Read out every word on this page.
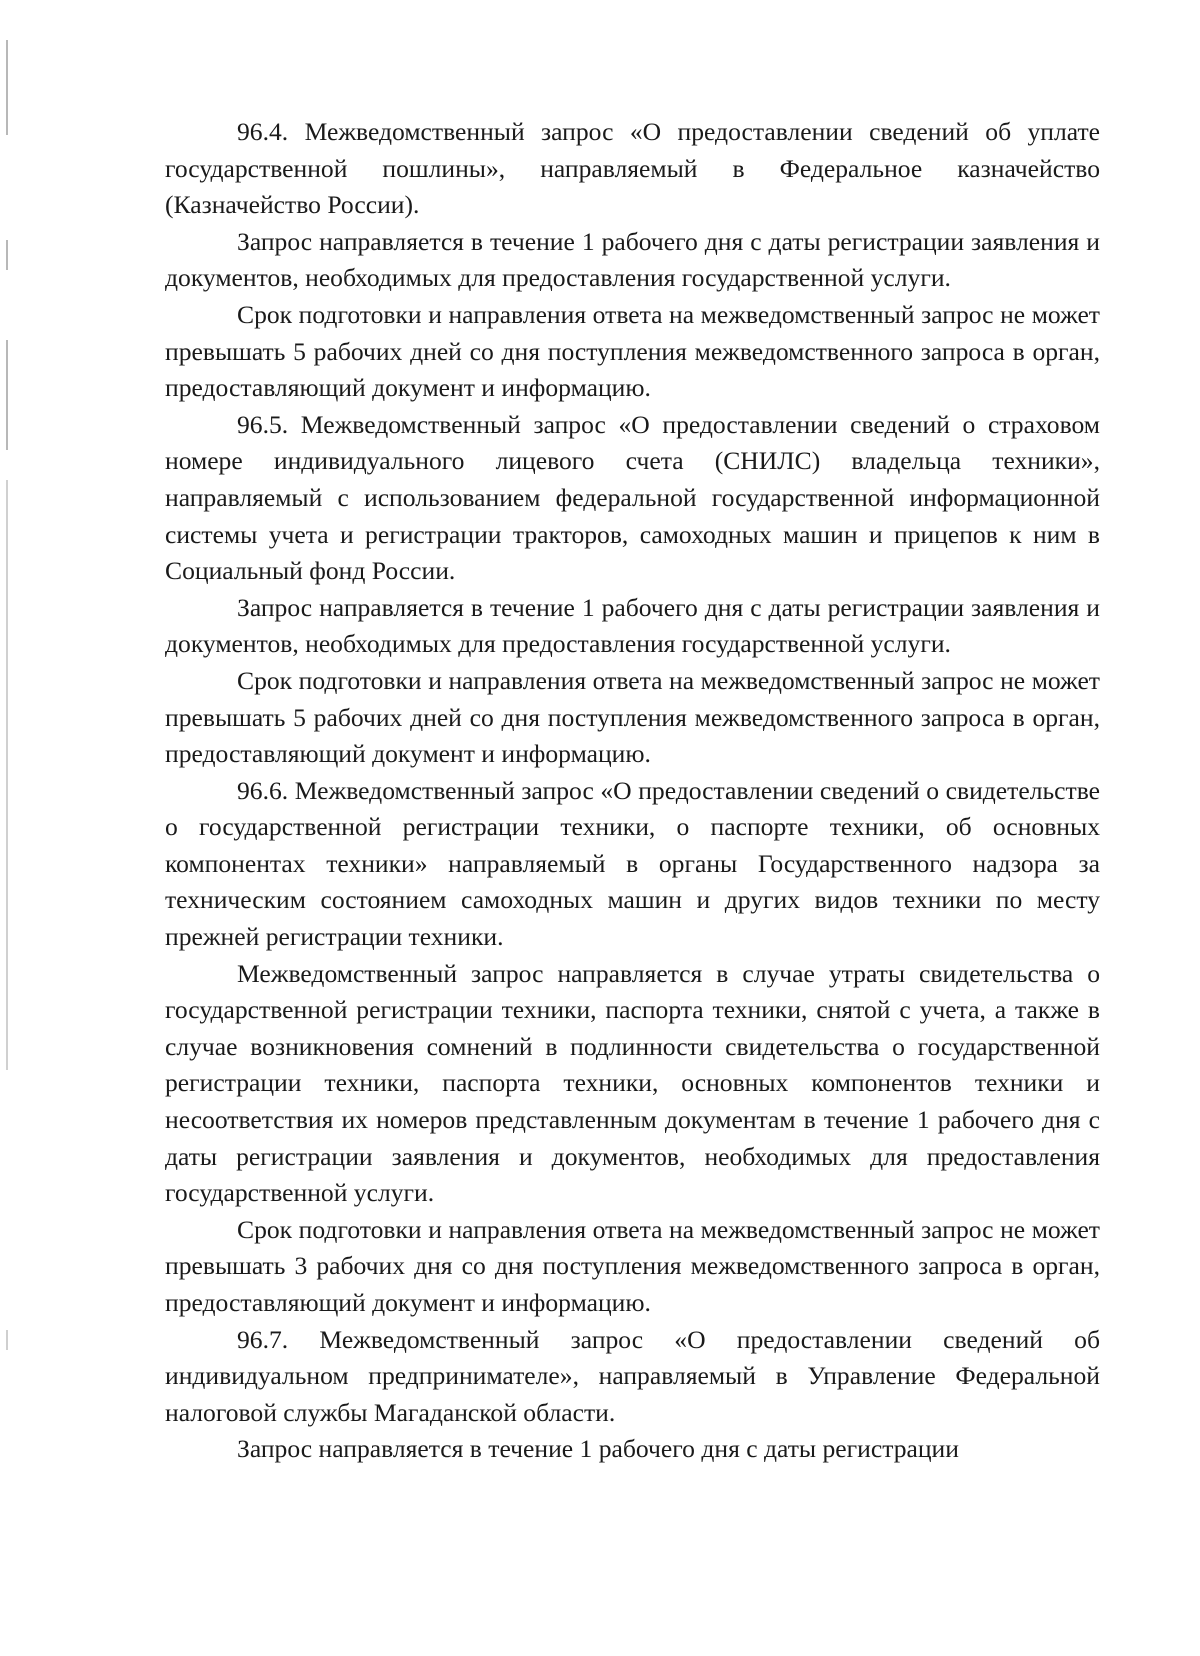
96.4. Межведомственный запрос «О предоставлении сведений об уплате государственной пошлины», направляемый в Федеральное казначейство (Казначейство России).

Запрос направляется в течение 1 рабочего дня с даты регистрации заявления и документов, необходимых для предоставления государственной услуги.

Срок подготовки и направления ответа на межведомственный запрос не может превышать 5 рабочих дней со дня поступления межведомственного запроса в орган, предоставляющий документ и информацию.

96.5. Межведомственный запрос «О предоставлении сведений о страховом номере индивидуального лицевого счета (СНИЛС) владельца техники», направляемый с использованием федеральной государственной информационной системы учета и регистрации тракторов, самоходных машин и прицепов к ним в Социальный фонд России.

Запрос направляется в течение 1 рабочего дня с даты регистрации заявления и документов, необходимых для предоставления государственной услуги.

Срок подготовки и направления ответа на межведомственный запрос не может превышать 5 рабочих дней со дня поступления межведомственного запроса в орган, предоставляющий документ и информацию.

96.6. Межведомственный запрос «О предоставлении сведений о свидетельстве о государственной регистрации техники, о паспорте техники, об основных компонентах техники» направляемый в органы Государственного надзора за техническим состоянием самоходных машин и других видов техники по месту прежней регистрации техники.

Межведомственный запрос направляется в случае утраты свидетельства о государственной регистрации техники, паспорта техники, снятой с учета, а также в случае возникновения сомнений в подлинности свидетельства о государственной регистрации техники, паспорта техники, основных компонентов техники и несоответствия их номеров представленным документам в течение 1 рабочего дня с даты регистрации заявления и документов, необходимых для предоставления государственной услуги.

Срок подготовки и направления ответа на межведомственный запрос не может превышать 3 рабочих дня со дня поступления межведомственного запроса в орган, предоставляющий документ и информацию.

96.7. Межведомственный запрос «О предоставлении сведений об индивидуальном предпринимателе», направляемый в Управление Федеральной налоговой службы Магаданской области.

Запрос направляется в течение 1 рабочего дня с даты регистрации
